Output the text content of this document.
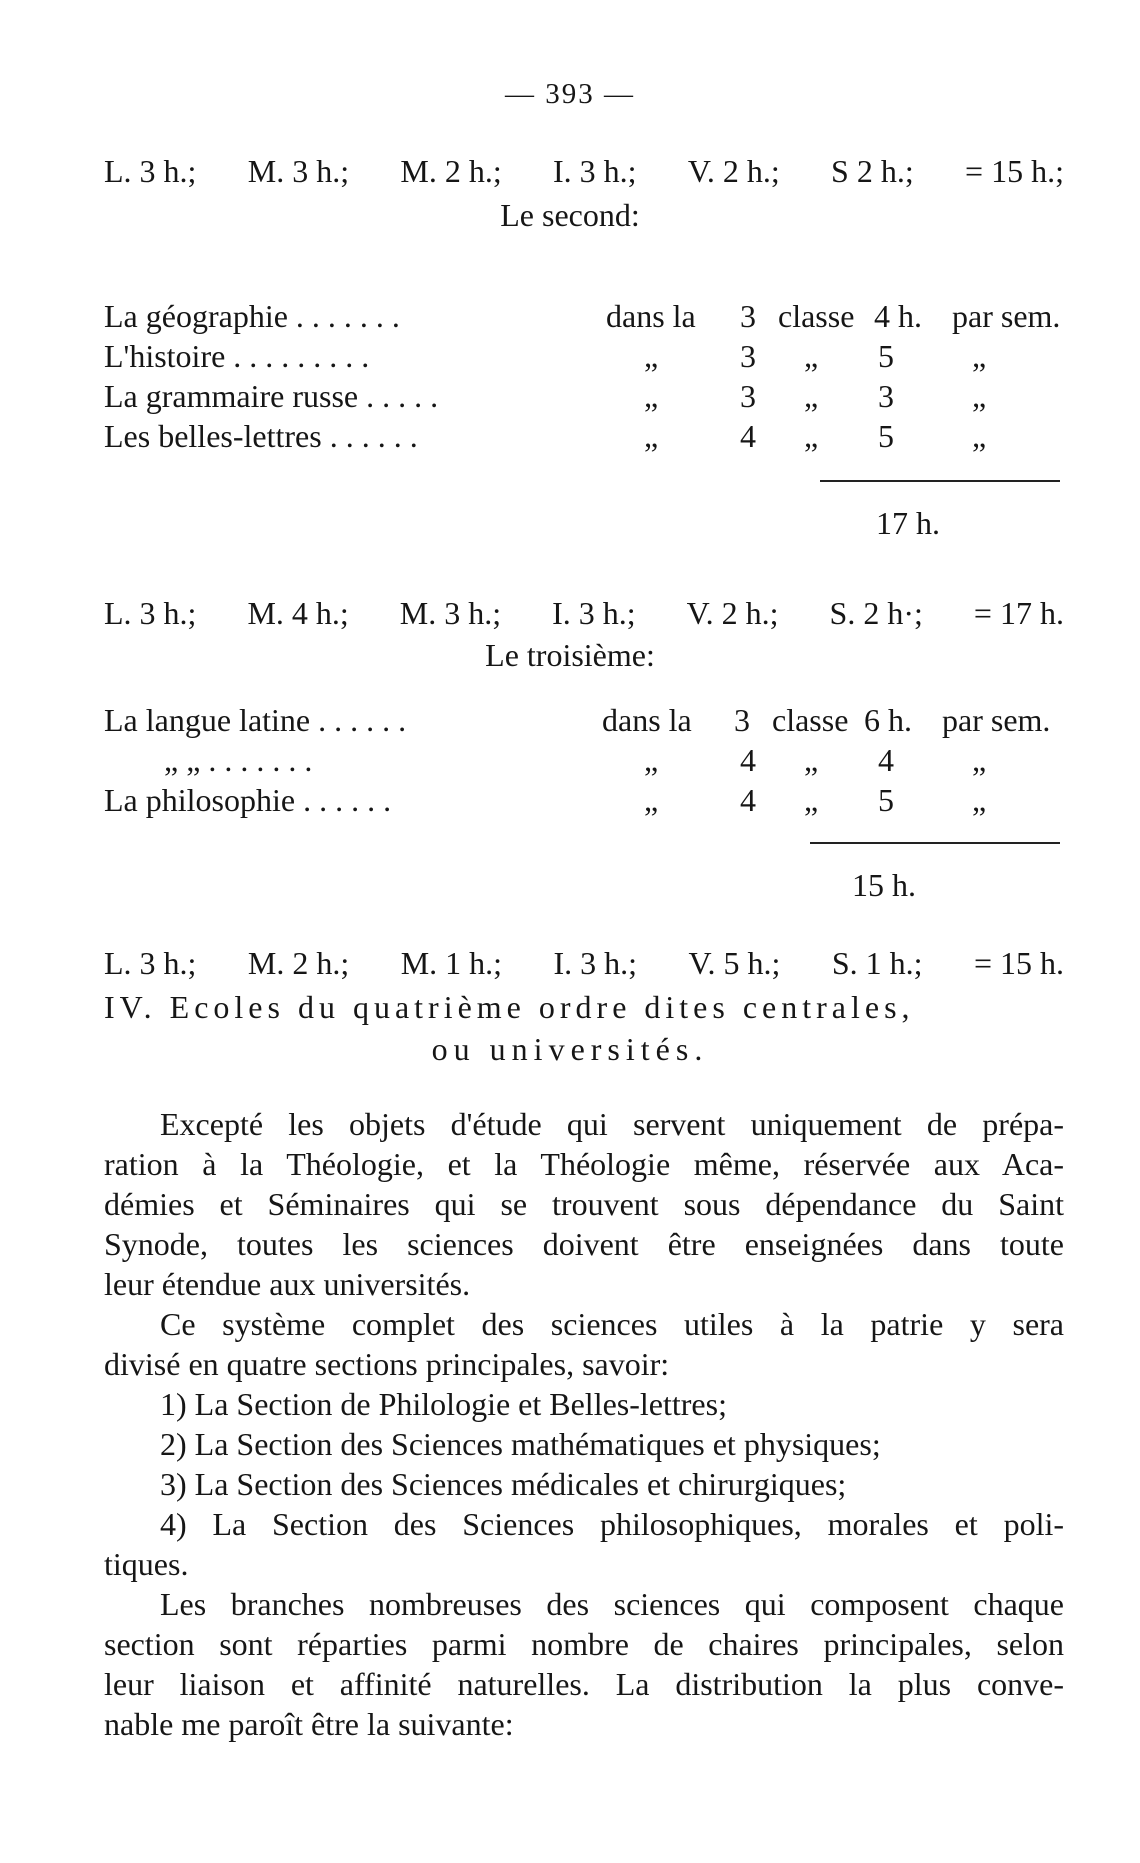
— 393 —
L. 3 h.; M. 3 h.; M. 2 h.; I. 3 h.; V. 2 h.; S 2 h.; = 15 h.;
Le second:
La géographie . . . . . . .	dans la 3 classe 4 h. par sem.
L'histoire . . . . . . . . .	„	3 „ 5 „
La grammaire russe . . . . .	„	3 „ 3 „
Les belles-lettres . . . . . .	„	4 „ 5 „
17 h.
L. 3 h.; M. 4 h.; M. 3 h.; I. 3 h.; V. 2 h.; S. 2 h·; = 17 h.
Le troisième:
La langue latine . . . . . .	dans la 3 classe 6 h. par sem.
„ „ . . . . . . .	„	4 „ 4 „
La philosophie . . . . . .	„	4 „ 5 „
15 h.
L. 3 h.; M. 2 h.; M. 1 h.; I. 3 h.; V. 5 h.; S. 1 h.; = 15 h.
IV. Ecoles du quatrième ordre dites centrales,
ou universités.
Excepté les objets d'étude qui servent uniquement de prépa-
ration à la Théologie, et la Théologie même, réservée aux Aca-
démies et Séminaires qui se trouvent sous dépendance du Saint
Synode, toutes les sciences doivent être enseignées dans toute
leur étendue aux universités.
Ce système complet des sciences utiles à la patrie y sera
divisé en quatre sections principales, savoir:
1) La Section de Philologie et Belles-lettres;
2) La Section des Sciences mathématiques et physiques;
3) La Section des Sciences médicales et chirurgiques;
4) La Section des Sciences philosophiques, morales et poli-
tiques.
Les branches nombreuses des sciences qui composent chaque
section sont réparties parmi nombre de chaires principales, selon
leur liaison et affinité naturelles. La distribution la plus conve-
nable me paroît être la suivante:
